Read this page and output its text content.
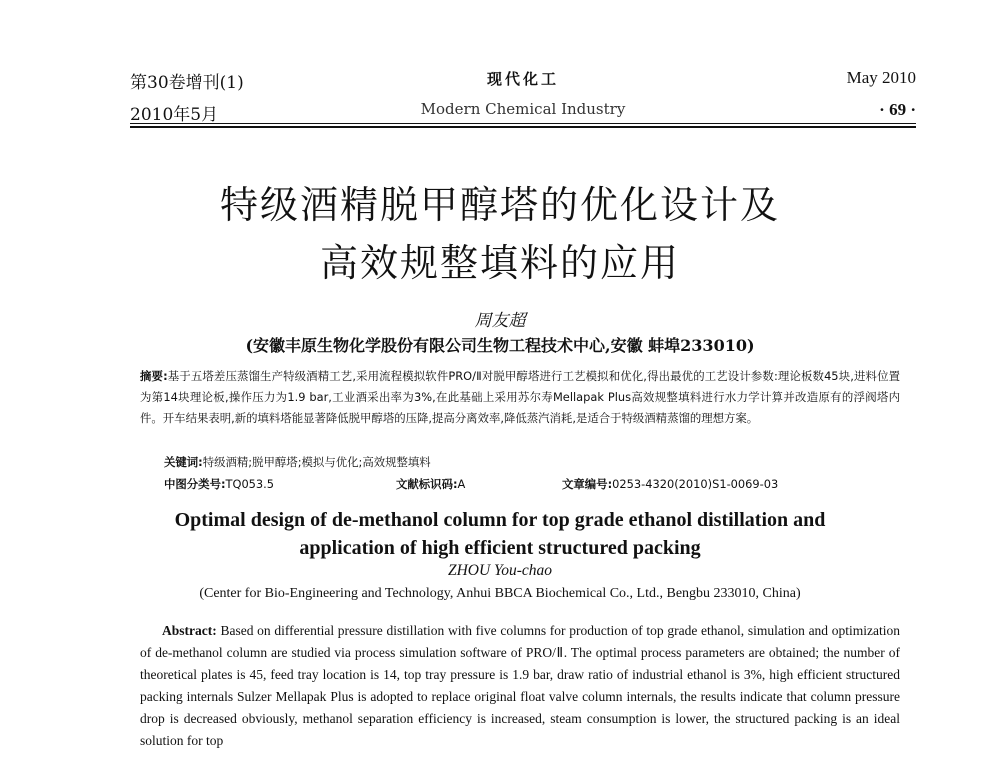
第30卷增刊(1)
2010年5月
现代化工
Modern Chemical Industry
May 2010
· 69 ·
特级酒精脱甲醇塔的优化设计及
高效规整填料的应用
周友超
(安徽丰原生物化学股份有限公司生物工程技术中心,安徽 蚌埠233010)
摘要:基于五塔差压蒸馏生产特级酒精工艺,采用流程模拟软件PRO/Ⅱ对脱甲醇塔进行工艺模拟和优化,得出最优的工艺设计参数:理论板数45块,进料位置为第14块理论板,操作压力为1.9 bar,工业酒采出率为3%,在此基础上采用苏尔寿Mellapak Plus高效规整填料进行水力学计算并改造原有的浮阀塔内件。开车结果表明,新的填料塔能显著降低脱甲醇塔的压降,提高分离效率,降低蒸汽消耗,是适合于特级酒精蒸馏的理想方案。
关键词:特级酒精;脱甲醇塔;模拟与优化;高效规整填料
中图分类号:TQ053.5	文献标识码:A	文章编号:0253-4320(2010)S1-0069-03
Optimal design of de-methanol column for top grade ethanol distillation and
application of high efficient structured packing
ZHOU You-chao
(Center for Bio-Engineering and Technology, Anhui BBCA Biochemical Co., Ltd., Bengbu 233010, China)
Abstract: Based on differential pressure distillation with five columns for production of top grade ethanol, simulation and optimization of de-methanol column are studied via process simulation software of PRO/Ⅱ. The optimal process parameters are obtained; the number of theoretical plates is 45, feed tray location is 14, top tray pressure is 1.9 bar, draw ratio of industrial ethanol is 3%, high efficient structured packing internals Sulzer Mellapak Plus is adopted to replace original float valve column internals, the results indicate that column pressure drop is decreased obviously, methanol separation efficiency is increased, steam consumption is lower, the structured packing is an ideal solution for top
